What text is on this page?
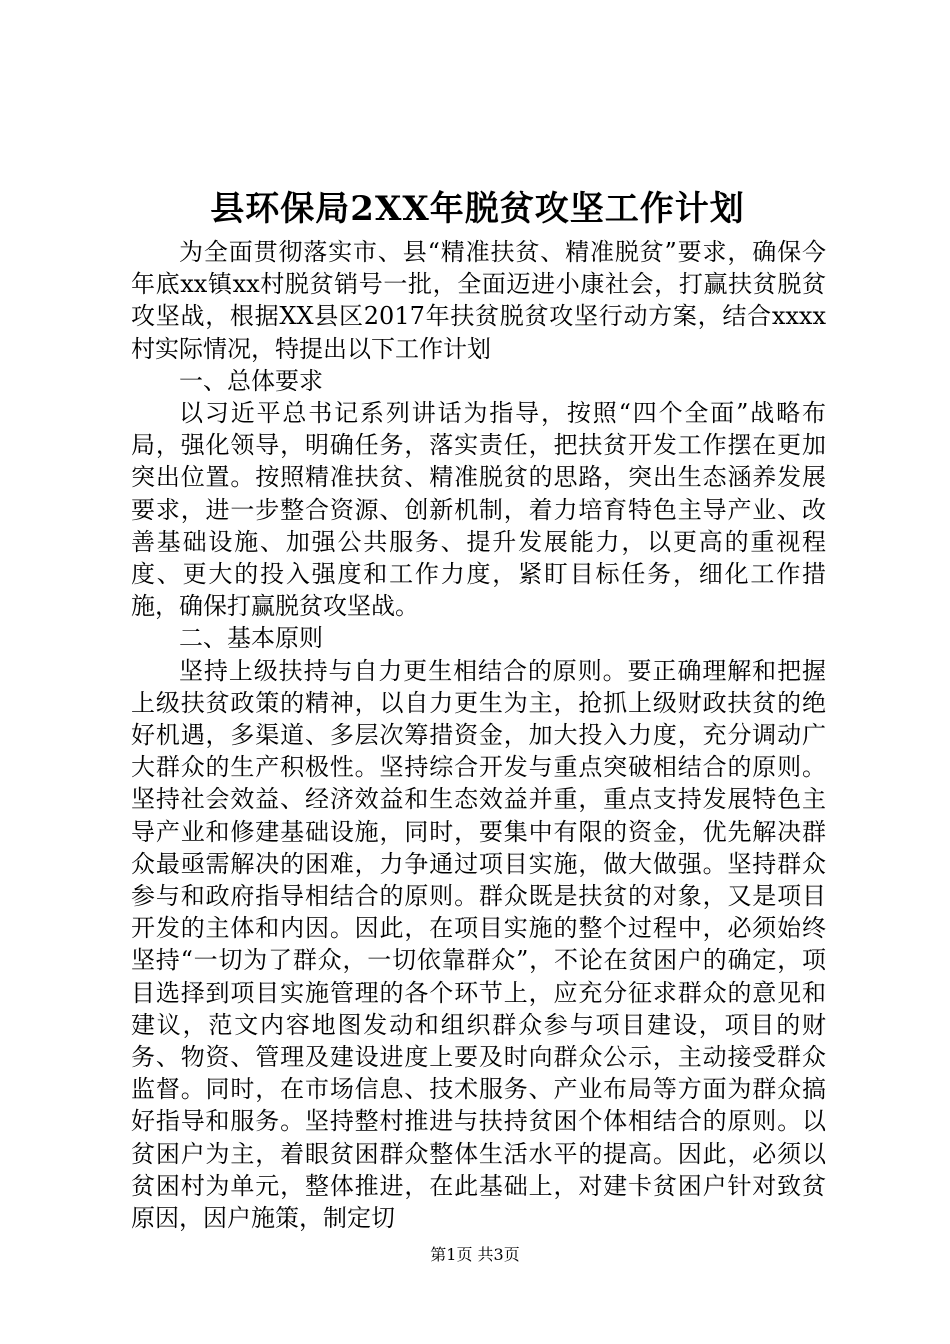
县环保局2XX年脱贫攻坚工作计划

为全面贯彻落实市、县“精准扶贫、精准脱贫”要求，确保今年底xx镇xx村脱贫销号一批，全面迈进小康社会，打赢扶贫脱贫攻坚战，根据XX县区2017年扶贫脱贫攻坚行动方案，结合xxxx村实际情况，特提出以下工作计划

一、总体要求

以习近平总书记系列讲话为指导，按照“四个全面”战略布局，强化领导，明确任务，落实责任，把扶贫开发工作摆在更加突出位置。按照精准扶贫、精准脱贫的思路，突出生态涵养发展要求，进一步整合资源、创新机制，着力培育特色主导产业、改善基础设施、加强公共服务、提升发展能力，以更高的重视程度、更大的投入强度和工作力度，紧盯目标任务，细化工作措施，确保打赢脱贫攻坚战。

二、基本原则

坚持上级扶持与自力更生相结合的原则。要正确理解和把握上级扶贫政策的精神，以自力更生为主，抢抓上级财政扶贫的绝好机遇，多渠道、多层次筹措资金，加大投入力度，充分调动广大群众的生产积极性。坚持综合开发与重点突破相结合的原则。坚持社会效益、经济效益和生态效益并重，重点支持发展特色主导产业和修建基础设施，同时，要集中有限的资金，优先解决群众最亟需解决的困难，力争通过项目实施，做大做强。坚持群众参与和政府指导相结合的原则。群众既是扶贫的对象，又是项目开发的主体和内因。因此，在项目实施的整个过程中，必须始终坚持“一切为了群众，一切依靠群众”，不论在贫困户的确定，项目选择到项目实施管理的各个环节上，应充分征求群众的意见和建议，范文内容地图发动和组织群众参与项目建设，项目的财务、物资、管理及建设进度上要及时向群众公示，主动接受群众监督。同时，在市场信息、技术服务、产业布局等方面为群众搞好指导和服务。坚持整村推进与扶持贫困个体相结合的原则。以贫困户为主，着眼贫困群众整体生活水平的提高。因此，必须以贫困村为单元，整体推进，在此基础上，对建卡贫困户针对致贫原因，因户施策，制定切

第1页 共3页
